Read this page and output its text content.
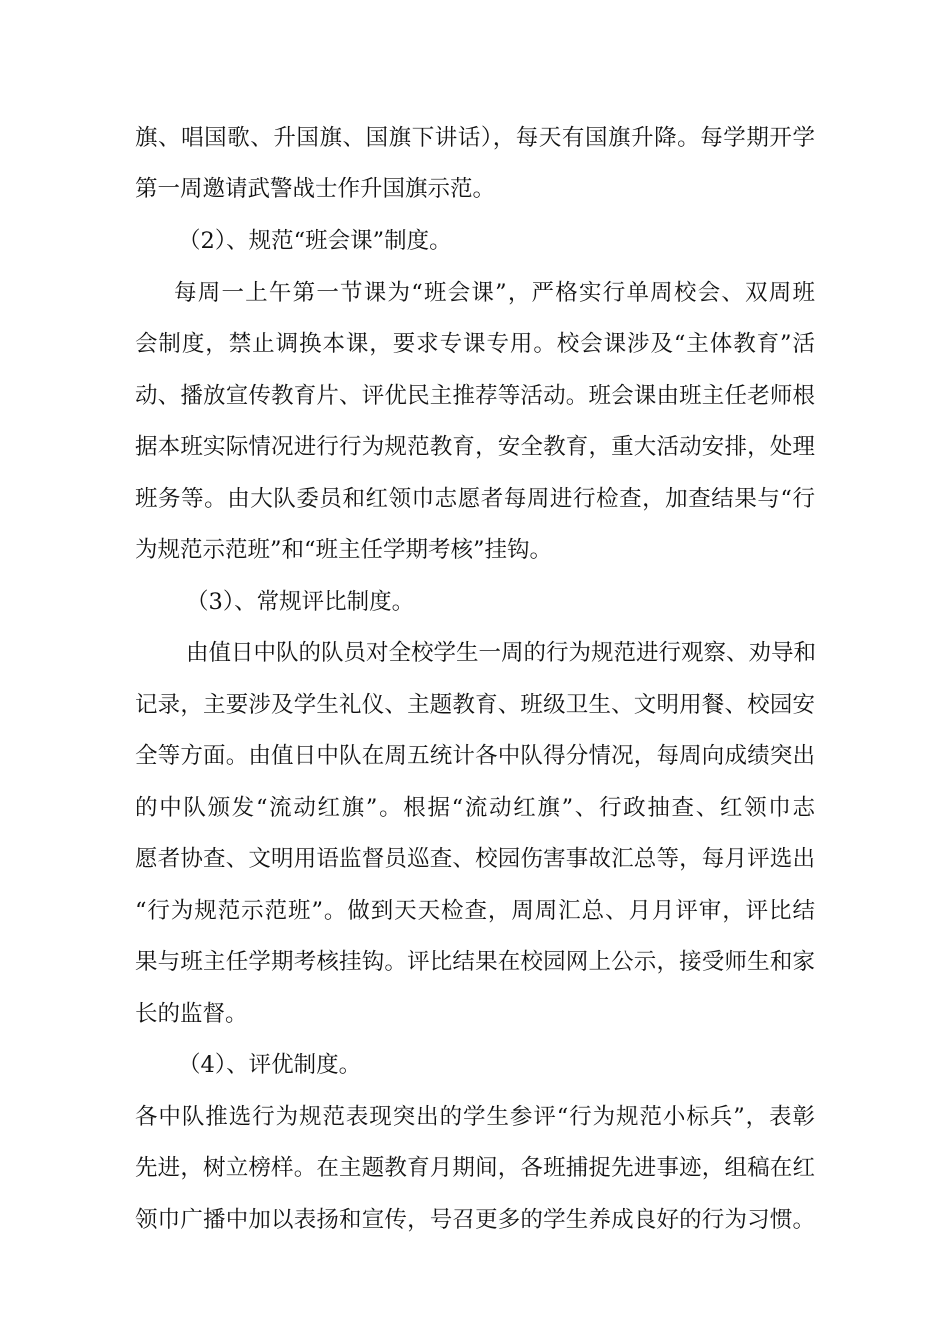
旗、唱国歌、升国旗、国旗下讲话），每天有国旗升降。每学期开学
第一周邀请武警战士作升国旗示范。
（2）、规范“班会课”制度。
每周一上午第一节课为“班会课”，严格实行单周校会、双周班
会制度，禁止调换本课，要求专课专用。校会课涉及“主体教育”活
动、播放宣传教育片、评优民主推荐等活动。班会课由班主任老师根
据本班实际情况进行行为规范教育，安全教育，重大活动安排，处理
班务等。由大队委员和红领巾志愿者每周进行检查，加查结果与“行
为规范示范班”和“班主任学期考核”挂钩。
（3）、常规评比制度。
由值日中队的队员对全校学生一周的行为规范进行观察、劝导和
记录，主要涉及学生礼仪、主题教育、班级卫生、文明用餐、校园安
全等方面。由值日中队在周五统计各中队得分情况，每周向成绩突出
的中队颁发“流动红旗”。根据“流动红旗”、行政抽查、红领巾志
愿者协查、文明用语监督员巡查、校园伤害事故汇总等，每月评选出
“行为规范示范班”。做到天天检查，周周汇总、月月评审，评比结
果与班主任学期考核挂钩。评比结果在校园网上公示，接受师生和家
长的监督。
（4）、评优制度。
各中队推选行为规范表现突出的学生参评“行为规范小标兵”，表彰
先进，树立榜样。在主题教育月期间，各班捕捉先进事迹，组稿在红
领巾广播中加以表扬和宣传，号召更多的学生养成良好的行为习惯。
